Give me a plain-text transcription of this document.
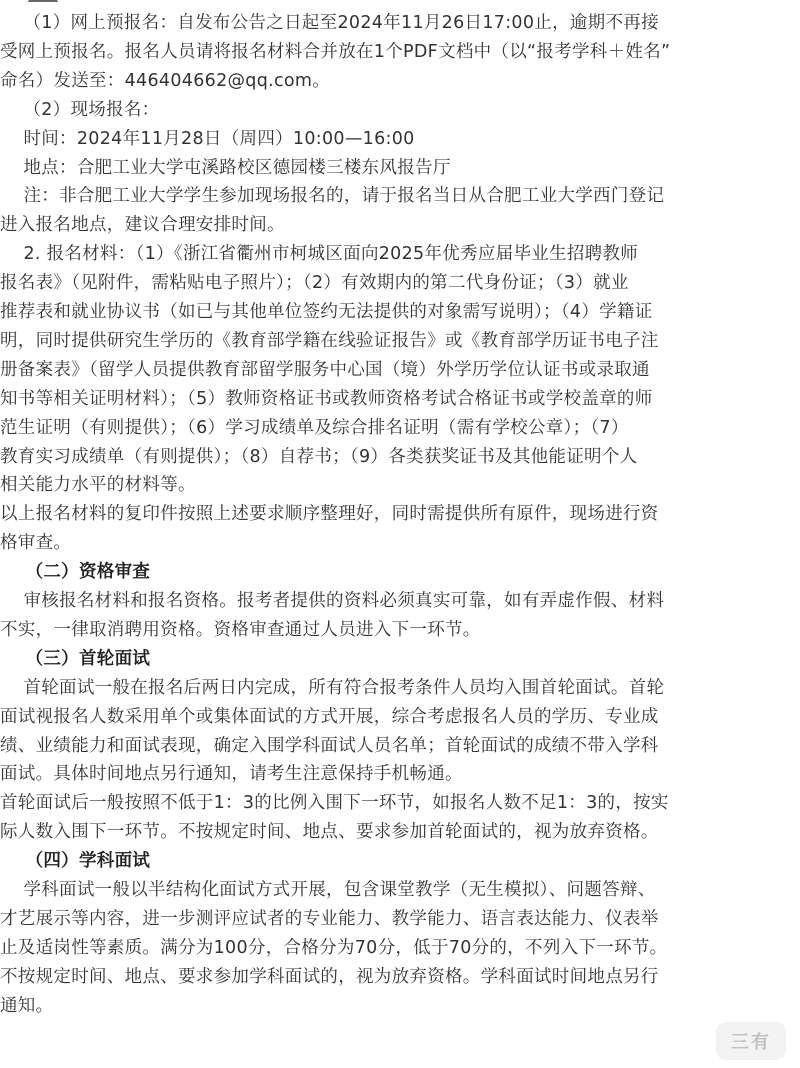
（1）网上预报名：自发布公告之日起至2024年11月26日17:00止，逾期不再接
受网上预报名。报名人员请将报名材料合并放在1个PDF文档中（以“报考学科＋姓名”
命名）发送至：446404662@qq.com。
（2）现场报名：
时间：2024年11月28日（周四）10:00—16:00
地点：合肥工业大学屯溪路校区德园楼三楼东风报告厅
注：非合肥工业大学学生参加现场报名的，请于报名当日从合肥工业大学西门登记
进入报名地点，建议合理安排时间。
2. 报名材料：（1）《浙江省衢州市柯城区面向2025年优秀应届毕业生招聘教师
报名表》（见附件，需粘贴电子照片）；（2）有效期内的第二代身份证；（3）就业
推荐表和就业协议书（如已与其他单位签约无法提供的对象需写说明）；（4）学籍证
明，同时提供研究生学历的《教育部学籍在线验证报告》或《教育部学历证书电子注
册备案表》（留学人员提供教育部留学服务中心国（境）外学历学位认证书或录取通
知书等相关证明材料）；（5）教师资格证书或教师资格考试合格证书或学校盖章的师
范生证明（有则提供）；（6）学习成绩单及综合排名证明（需有学校公章）；（7）
教育实习成绩单（有则提供）；（8）自荐书；（9）各类获奖证书及其他能证明个人
相关能力水平的材料等。
以上报名材料的复印件按照上述要求顺序整理好，同时需提供所有原件，现场进行资
格审查。
（二）资格审查
审核报名材料和报名资格。报考者提供的资料必须真实可靠，如有弄虚作假、材料
不实，一律取消聘用资格。资格审查通过人员进入下一环节。
（三）首轮面试
首轮面试一般在报名后两日内完成，所有符合报考条件人员均入围首轮面试。首轮
面试视报名人数采用单个或集体面试的方式开展，综合考虑报名人员的学历、专业成
绩、业绩能力和面试表现，确定入围学科面试人员名单；首轮面试的成绩不带入学科
面试。具体时间地点另行通知，请考生注意保持手机畅通。
首轮面试后一般按照不低于1：3的比例入围下一环节，如报名人数不足1：3的，按实
际人数入围下一环节。不按规定时间、地点、要求参加首轮面试的，视为放弃资格。
（四）学科面试
学科面试一般以半结构化面试方式开展，包含课堂教学（无生模拟）、问题答辩、
才艺展示等内容，进一步测评应试者的专业能力、教学能力、语言表达能力、仪表举
止及适岗性等素质。满分为100分，合格分为70分，低于70分的，不列入下一环节。
不按规定时间、地点、要求参加学科面试的，视为放弃资格。学科面试时间地点另行
通知。
三有
